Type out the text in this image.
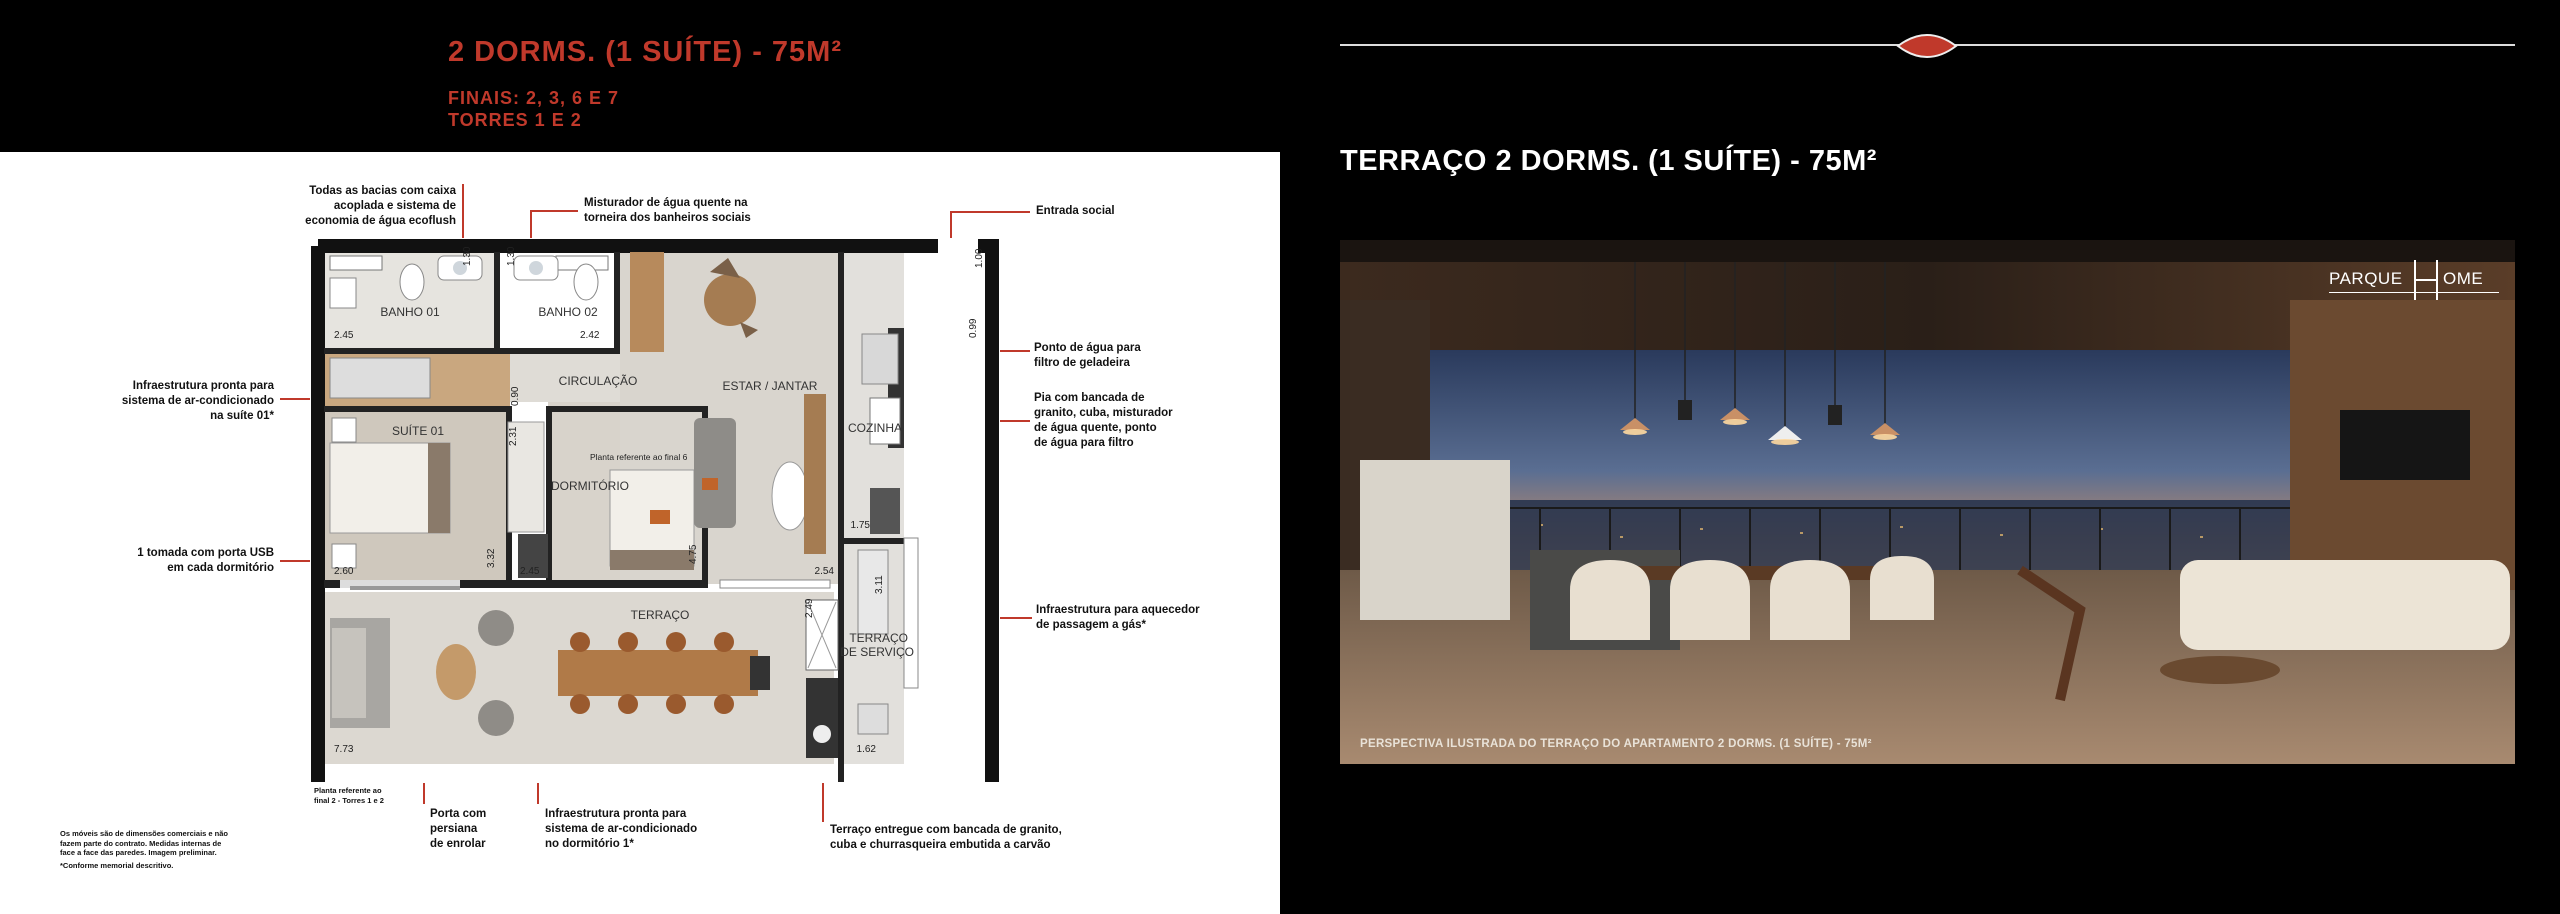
2 DORMS. (1 SUÍTE) - 75M²
FINAIS: 2, 3, 6 E 7
TORRES 1 E 2
Todas as bacias com caixa
acoplada e sistema de
economia de água ecoflush
Misturador de água quente na
torneira dos banheiros sociais
Entrada social
Ponto de água para
filtro de geladeira
Pia com bancada de
granito, cuba, misturador
de água quente, ponto
de água para filtro
Infraestrutura para aquecedor
de passagem a gás*
Infraestrutura pronta para
sistema de ar-condicionado
na suíte 01*
1 tomada com porta USB
em cada dormitório
Porta com
persiana
de enrolar
Infraestrutura pronta para
sistema de ar-condicionado
no dormitório 1*
Terraço entregue com bancada de granito,
cuba e churrasqueira embutida a carvão
Planta referente ao
final 2 - Torres 1 e 2
Os móveis são de dimensões comerciais e não
fazem parte do contrato. Medidas internas de
face a face das paredes. Imagem preliminar.
*Conforme memorial descritivo.
BANHO 01	BANHO 02
CIRCULAÇÃO	ESTAR / JANTAR
COZINHA
SUÍTE 01
DORMITÓRIO
TERRAÇO
TERRAÇO
DE SERVIÇO
Planta referente ao final 6
2.45
1.30	1.30
2.42
1.00
0.99
0.90
2.31
2.60
3.32
2.45
4.75
2.54
1.75
3.11
2.49
7.73	1.62
TERRAÇO 2 DORMS. (1 SUÍTE) - 75M²
PARQUE OME
PERSPECTIVA ILUSTRADA DO TERRAÇO DO APARTAMENTO 2 DORMS. (1 SUÍTE) - 75M²
